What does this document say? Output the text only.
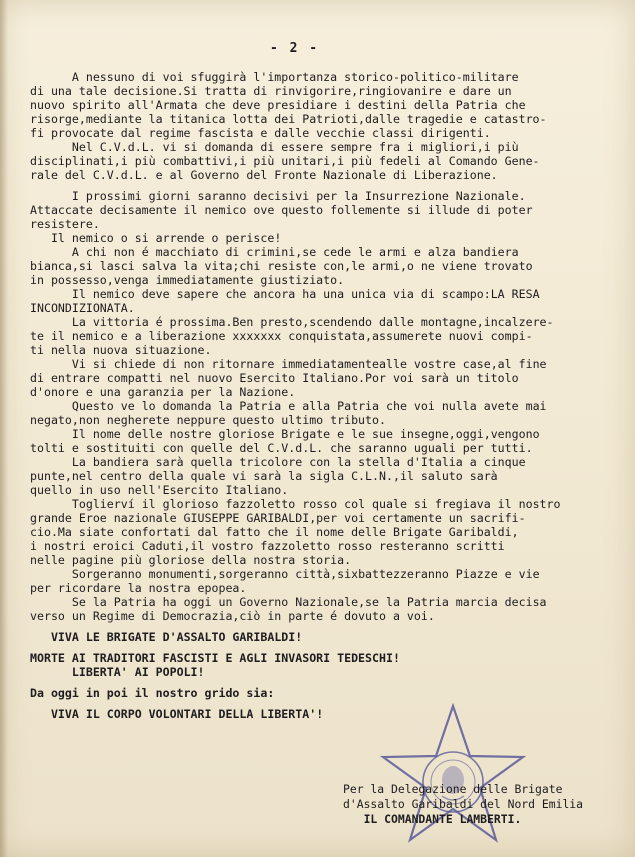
- 2 -

A nessuno di voi sfuggirà l'importanza storico-politico-militare
di una tale decisione.Si tratta di rinvigorire,ringiovanire e dare un
nuovo spirito all'Armata che deve presidiare i destini della Patria che
risorge,mediante la titanica lotta dei Patrioti,dalle tragedie e catastro-
fi provocate dal regime fascista e dalle vecchie classi dirigenti.

Nel C.V.d.L. vi si domanda di essere sempre fra i migliori,i più
disciplinati,i più combattivi,i più unitari,i più fedeli al Comando Gene-
rale del C.V.d.L. e al Governo del Fronte Nazionale di Liberazione.

I prossimi giorni saranno decisivi per la Insurrezione Nazionale.
Attaccate decisamente il nemico ove questo follemente si illude di poter
resistere.

Il nemico o si arrende o perisce!

A chi non é macchiato di crimini,se cede le armi e alza bandiera
bianca,si lasci salva la vita;chi resiste con,le armi,o ne viene trovato
in possesso,venga immediatamente giustiziato.

Il nemico deve sapere che ancora ha una unica via di scampo:LA RESA
INCONDIZIONATA.

La vittoria é prossima.Ben presto,scendendo dalle montagne,incalzere-
te il nemico e a liberazione xxxxxxx conquistata,assumerete nuovi compi-
ti nella nuova situazione.

Vi si chiede di non ritornare immediatamentealle vostre case,al fine
di entrare compatti nel nuovo Esercito Italiano.Por voi sarà un titolo
d'onore e una garanzia per la Nazione.

Questo ve lo domanda la Patria e alla Patria che voi nulla avete mai
negato,non negherete neppure questo ultimo tributo.

Il nome delle nostre gloriose Brigate e le sue insegne,oggi,vengono
tolti e sostituiti con quelle del C.V.d.L. che saranno uguali per tutti.

La bandiera sarà quella tricolore con la stella d'Italia a cinque
punte,nel centro della quale vi sarà la sigla C.L.N.,il saluto sarà
quello in uso nell'Esercito Italiano.

Toglierví il glorioso fazzoletto rosso col quale si fregiava il nostro
grande Eroe nazionale GIUSEPPE GARIBALDI,per voi certamente un sacrifi-
cio.Ma siate confortati dal fatto che il nome delle Brigate Garibaldi,
i nostri eroici Caduti,il vostro fazzoletto rosso resteranno scritti
nelle pagine più gloriose della nostra storia.

Sorgeranno monumenti,sorgeranno città,sixbattezzeranno Piazze e vie
per ricordare la nostra epopea.

Se la Patria ha oggi un Governo Nazionale,se la Patria marcia decisa
verso un Regime di Democrazia,ciò in parte é dovuto a voi.

VIVA LE BRIGATE D'ASSALTO GARIBALDI!

MORTE AI TRADITORI FASCISTI E AGLI INVASORI TEDESCHI!
LIBERTA' AI POPOLI!

Da oggi in poi il nostro grido sia:

VIVA IL CORPO VOLONTARI DELLA LIBERTA'!

Per la Delegazione delle Brigate
d'Assalto Garibaldi del Nord Emilia
IL COMANDANTE LAMBERTI.
